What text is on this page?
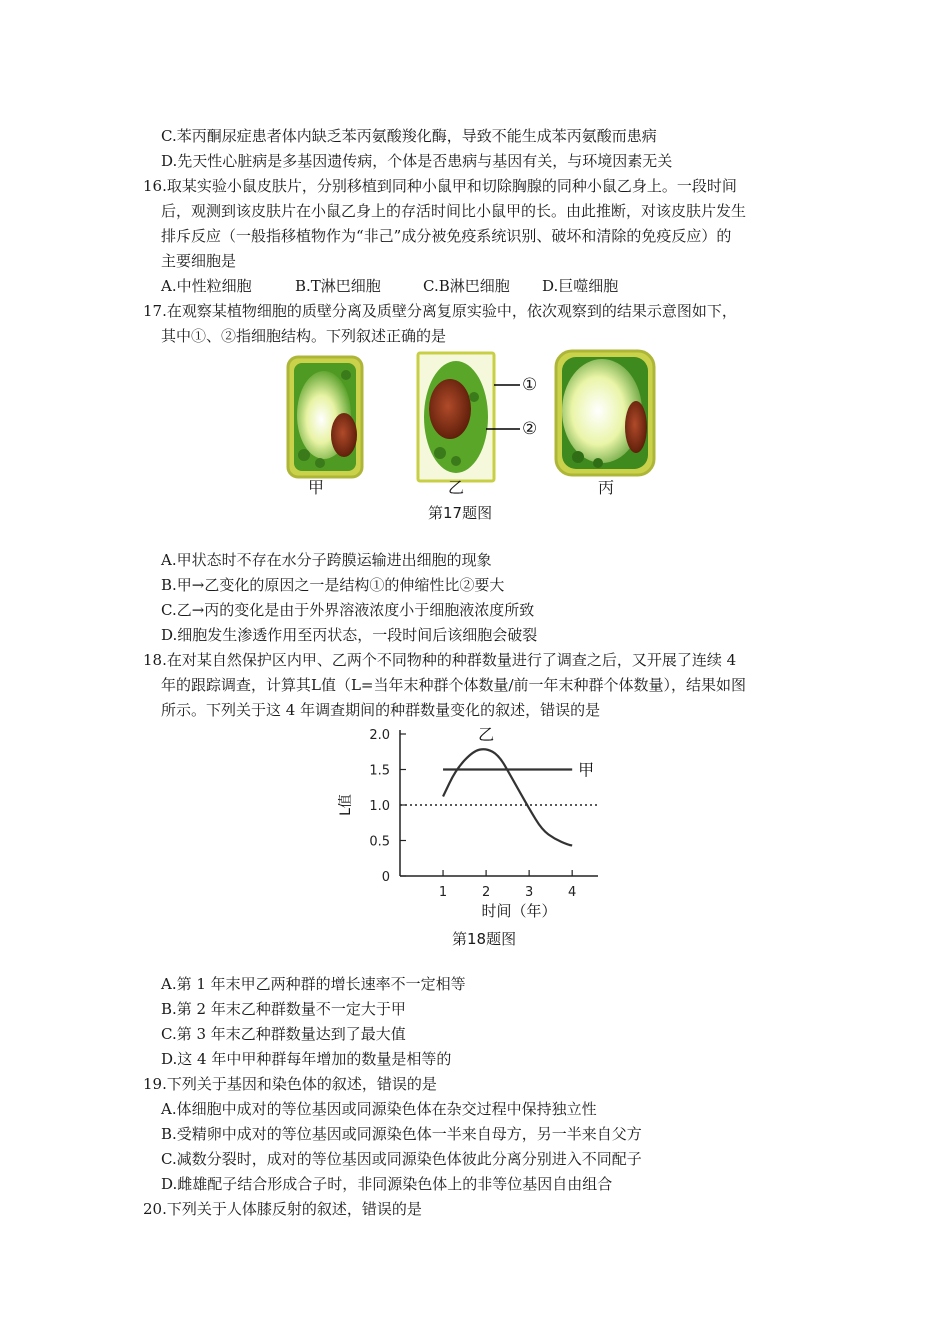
C.苯丙酮尿症患者体内缺乏苯丙氨酸羧化酶，导致不能生成苯丙氨酸而患病
D.先天性心脏病是多基因遗传病，个体是否患病与基因有关，与环境因素无关
16.取某实验小鼠皮肤片，分别移植到同种小鼠甲和切除胸腺的同种小鼠乙身上。一段时间
后，观测到该皮肤片在小鼠乙身上的存活时间比小鼠甲的长。由此推断，对该皮肤片发生
排斥反应（一般指移植物作为“非己”成分被免疫系统识别、破坏和清除的免疫反应）的
主要细胞是
A.中性粒细胞	B.T淋巴细胞	C.B淋巴细胞 D.巨噬细胞
17.在观察某植物细胞的质壁分离及质壁分离复原实验中，依次观察到的结果示意图如下，
其中①、②指细胞结构。下列叙述正确的是
①
②
甲	乙	丙
第17题图
A.甲状态时不存在水分子跨膜运输进出细胞的现象
B.甲→乙变化的原因之一是结构①的伸缩性比②要大
C.乙→丙的变化是由于外界溶液浓度小于细胞液浓度所致
D.细胞发生渗透作用至丙状态，一段时间后该细胞会破裂
18.在对某自然保护区内甲、乙两个不同物种的种群数量进行了调查之后，又开展了连续 4
年的跟踪调查，计算其L值（L=当年末种群个体数量/前一年末种群个体数量），结果如图
所示。下列关于这 4 年调查期间的种群数量变化的叙述，错误的是
0
0.5
1.0
1.5
2.0
1	2	3	4
甲
乙
L值
时间（年）
第18题图
A.第 1 年末甲乙两种群的增长速率不一定相等
B.第 2 年末乙种群数量不一定大于甲
C.第 3 年末乙种群数量达到了最大值
D.这 4 年中甲种群每年增加的数量是相等的
19.下列关于基因和染色体的叙述，错误的是
A.体细胞中成对的等位基因或同源染色体在杂交过程中保持独立性
B.受精卵中成对的等位基因或同源染色体一半来自母方，另一半来自父方
C.减数分裂时，成对的等位基因或同源染色体彼此分离分别进入不同配子
D.雌雄配子结合形成合子时，非同源染色体上的非等位基因自由组合
20.下列关于人体膝反射的叙述，错误的是
